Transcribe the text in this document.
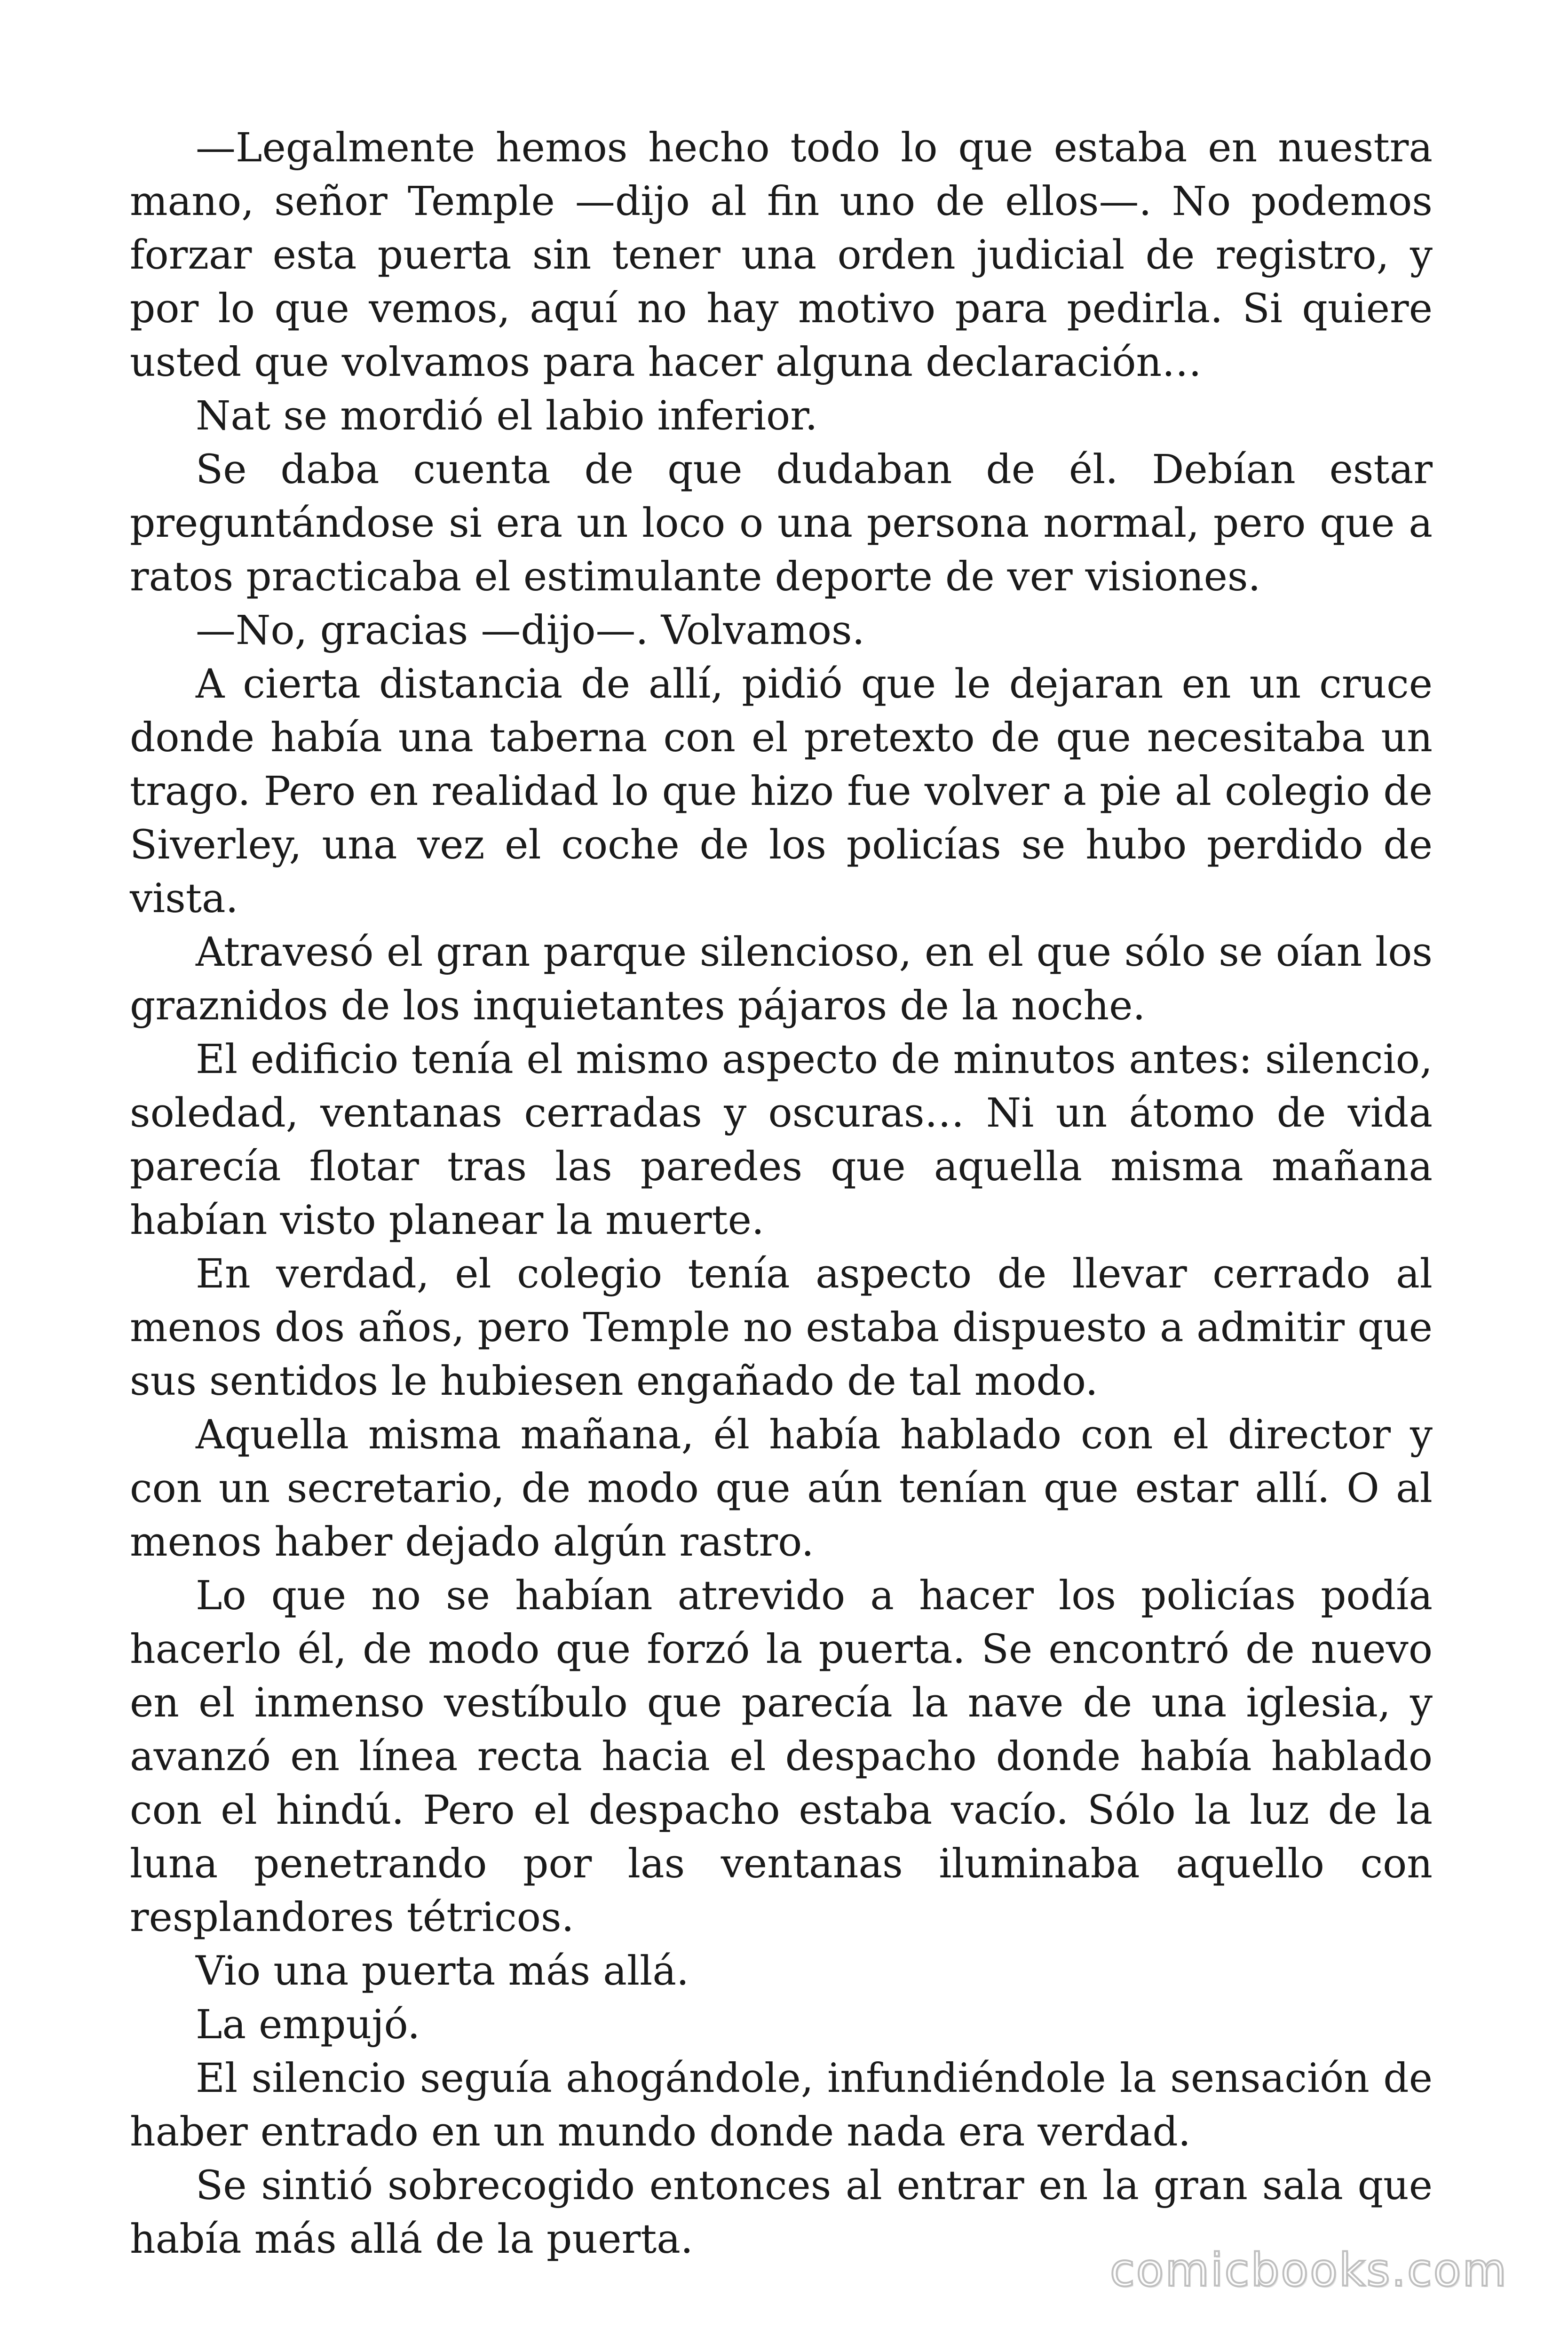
—Legalmente hemos hecho todo lo que estaba en nuestra mano, señor Temple —dijo al fin uno de ellos—. No podemos forzar esta puerta sin tener una orden judicial de registro, y por lo que vemos, aquí no hay motivo para pedirla. Si quiere usted que volvamos para hacer alguna declaración…

Nat se mordió el labio inferior.

Se daba cuenta de que dudaban de él. Debían estar preguntándose si era un loco o una persona normal, pero que a ratos practicaba el estimulante deporte de ver visiones.

—No, gracias —dijo—. Volvamos.

A cierta distancia de allí, pidió que le dejaran en un cruce donde había una taberna con el pretexto de que necesitaba un trago. Pero en realidad lo que hizo fue volver a pie al colegio de Siverley, una vez el coche de los policías se hubo perdido de vista.

Atravesó el gran parque silencioso, en el que sólo se oían los graznidos de los inquietantes pájaros de la noche.

El edificio tenía el mismo aspecto de minutos antes: silencio, soledad, ventanas cerradas y oscuras… Ni un átomo de vida parecía flotar tras las paredes que aquella misma mañana habían visto planear la muerte.

En verdad, el colegio tenía aspecto de llevar cerrado al menos dos años, pero Temple no estaba dispuesto a admitir que sus sentidos le hubiesen engañado de tal modo.

Aquella misma mañana, él había hablado con el director y con un secretario, de modo que aún tenían que estar allí. O al menos haber dejado algún rastro.

Lo que no se habían atrevido a hacer los policías podía hacerlo él, de modo que forzó la puerta. Se encontró de nuevo en el inmenso vestíbulo que parecía la nave de una iglesia, y avanzó en línea recta hacia el despacho donde había hablado con el hindú. Pero el despacho estaba vacío. Sólo la luz de la luna penetrando por las ventanas iluminaba aquello con resplandores tétricos.

Vio una puerta más allá.

La empujó.

El silencio seguía ahogándole, infundiéndole la sensación de haber entrado en un mundo donde nada era verdad.

Se sintió sobrecogido entonces al entrar en la gran sala que había más allá de la puerta.

comicbooks.com
